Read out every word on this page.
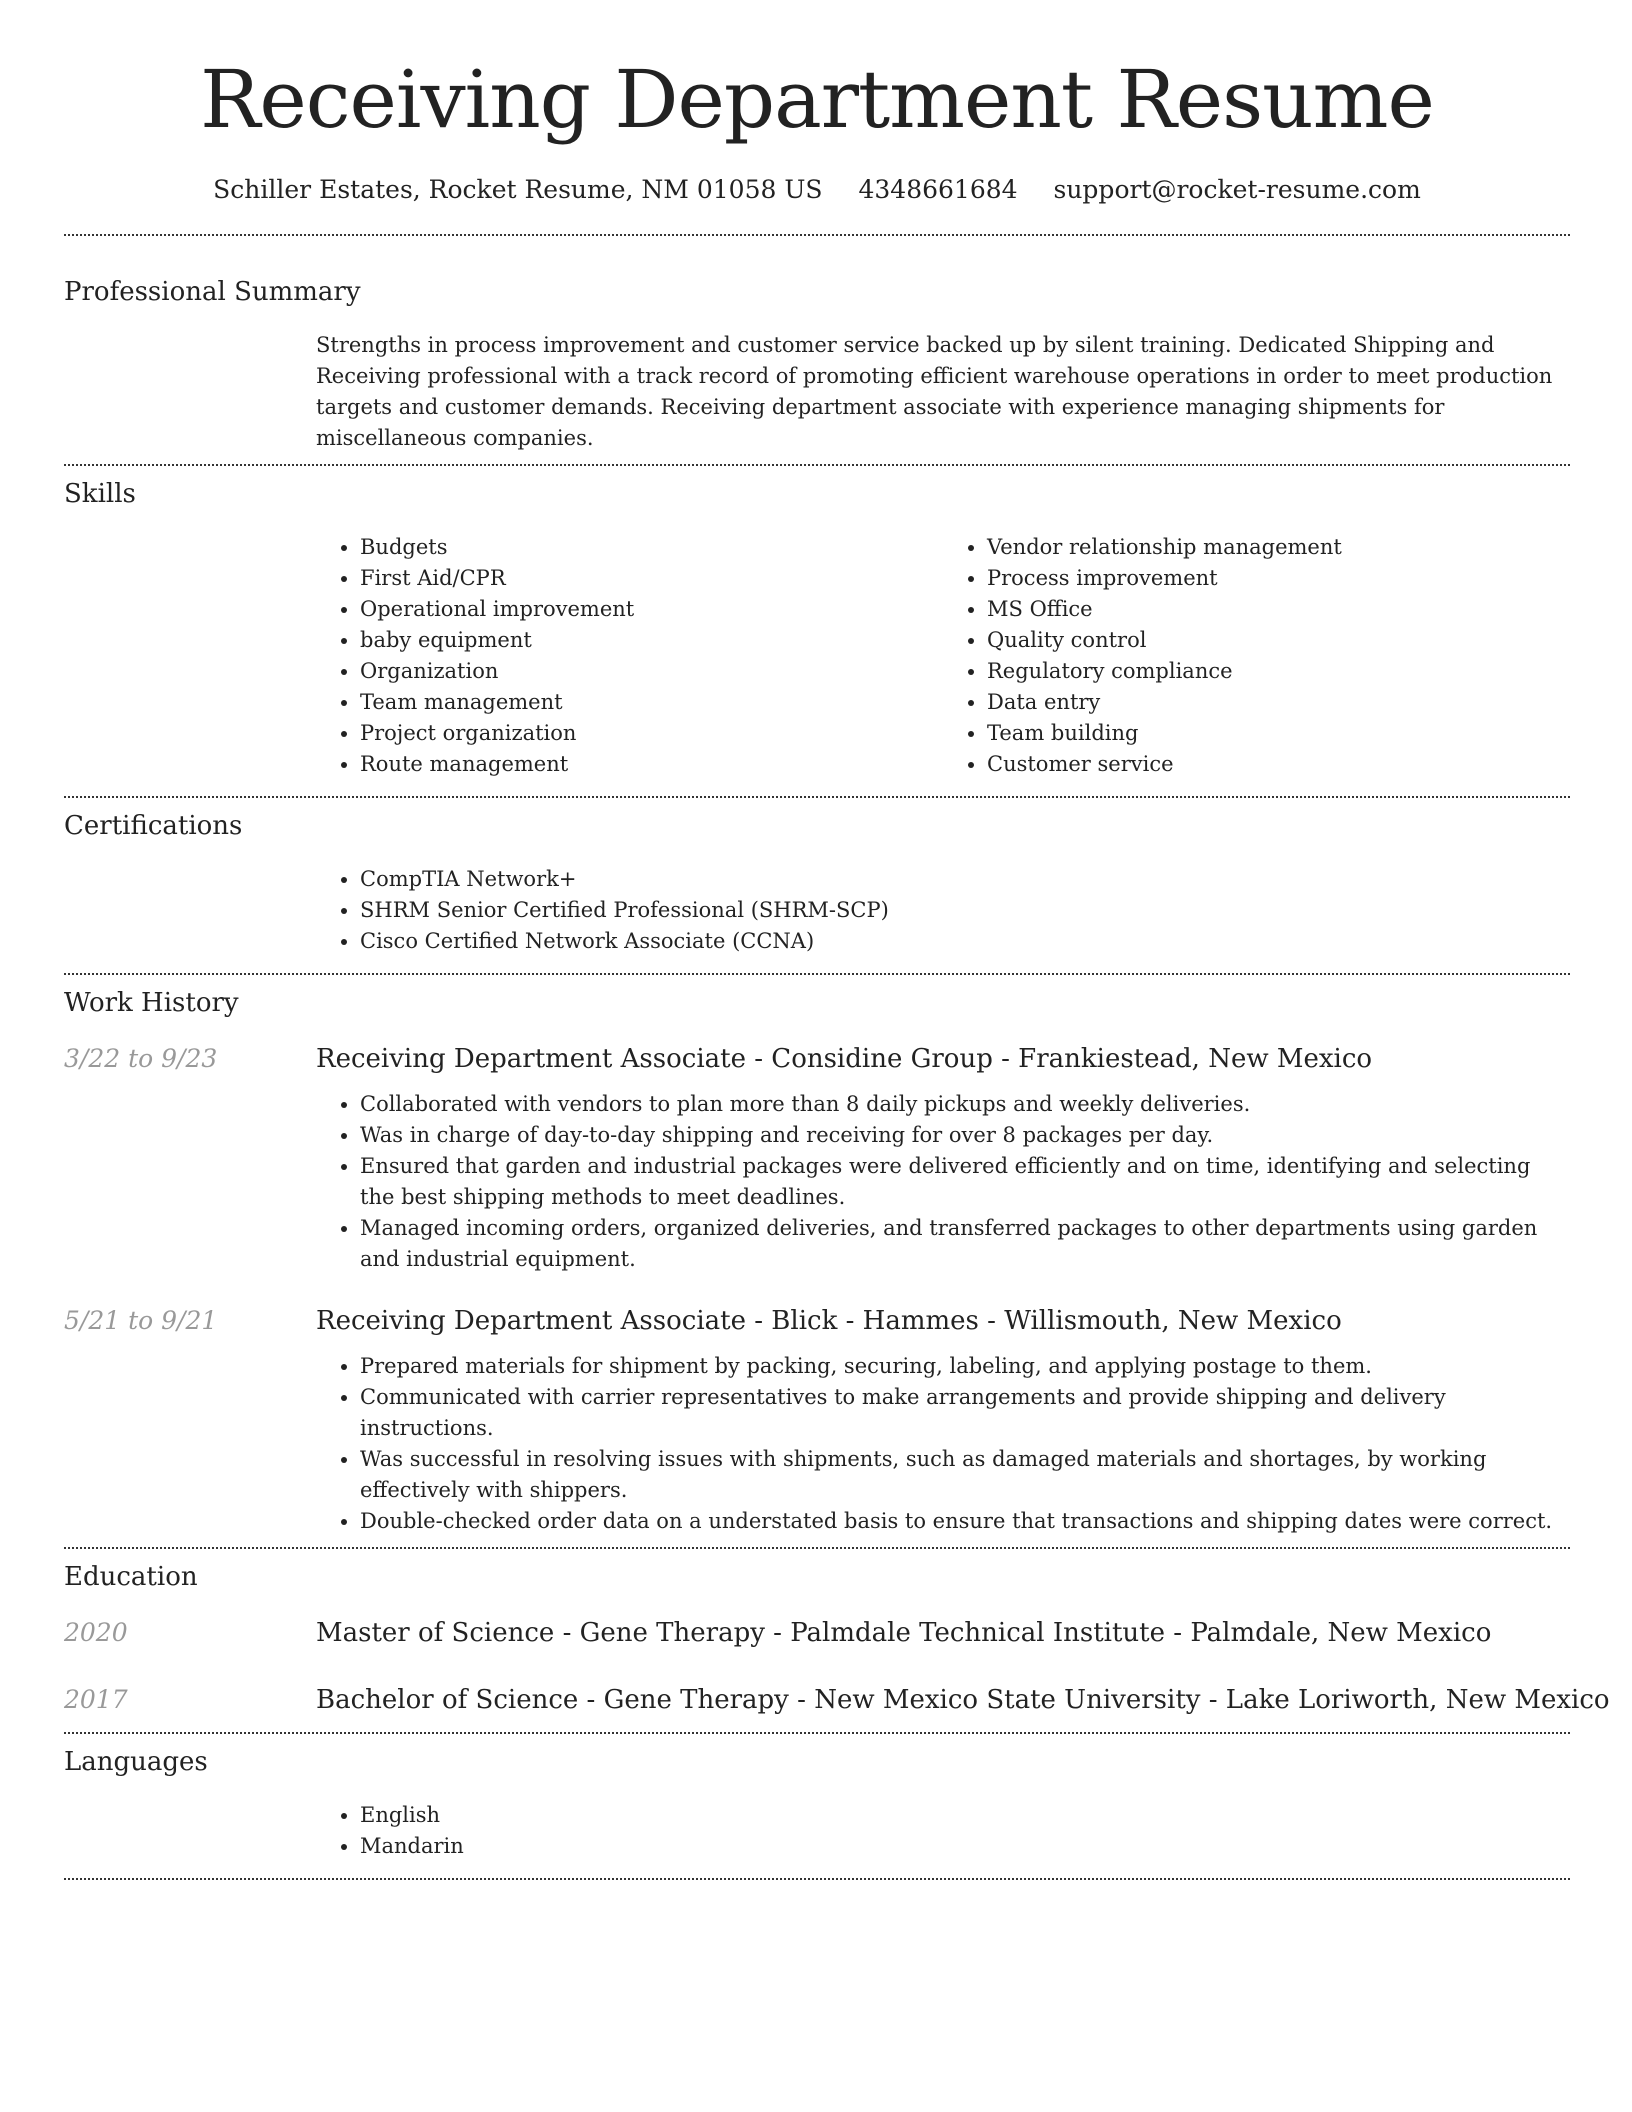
Receiving Department Resume
Schiller Estates, Rocket Resume, NM 01058 US 4348661684 support@rocket-resume.com
Professional Summary
Strengths in process improvement and customer service backed up by silent training. Dedicated Shipping and Receiving professional with a track record of promoting efficient warehouse operations in order to meet production targets and customer demands. Receiving department associate with experience managing shipments for miscellaneous companies.
Skills
• Budgets
• First Aid/CPR
• Operational improvement
• baby equipment
• Organization
• Team management
• Project organization
• Route management
• Vendor relationship management
• Process improvement
• MS Office
• Quality control
• Regulatory compliance
• Data entry
• Team building
• Customer service
Certifications
• CompTIA Network+
• SHRM Senior Certified Professional (SHRM-SCP)
• Cisco Certified Network Associate (CCNA)
Work History
3/22 to 9/23	Receiving Department Associate - Considine Group - Frankiestead, New Mexico
• Collaborated with vendors to plan more than 8 daily pickups and weekly deliveries.
• Was in charge of day-to-day shipping and receiving for over 8 packages per day.
• Ensured that garden and industrial packages were delivered efficiently and on time, identifying and selecting the best shipping methods to meet deadlines.
• Managed incoming orders, organized deliveries, and transferred packages to other departments using garden and industrial equipment.
5/21 to 9/21	Receiving Department Associate - Blick - Hammes - Willismouth, New Mexico
• Prepared materials for shipment by packing, securing, labeling, and applying postage to them.
• Communicated with carrier representatives to make arrangements and provide shipping and delivery instructions.
• Was successful in resolving issues with shipments, such as damaged materials and shortages, by working effectively with shippers.
• Double-checked order data on a understated basis to ensure that transactions and shipping dates were correct.
Education
2020	Master of Science - Gene Therapy - Palmdale Technical Institute - Palmdale, New Mexico
2017	Bachelor of Science - Gene Therapy - New Mexico State University - Lake Loriworth, New Mexico
Languages
• English
• Mandarin
